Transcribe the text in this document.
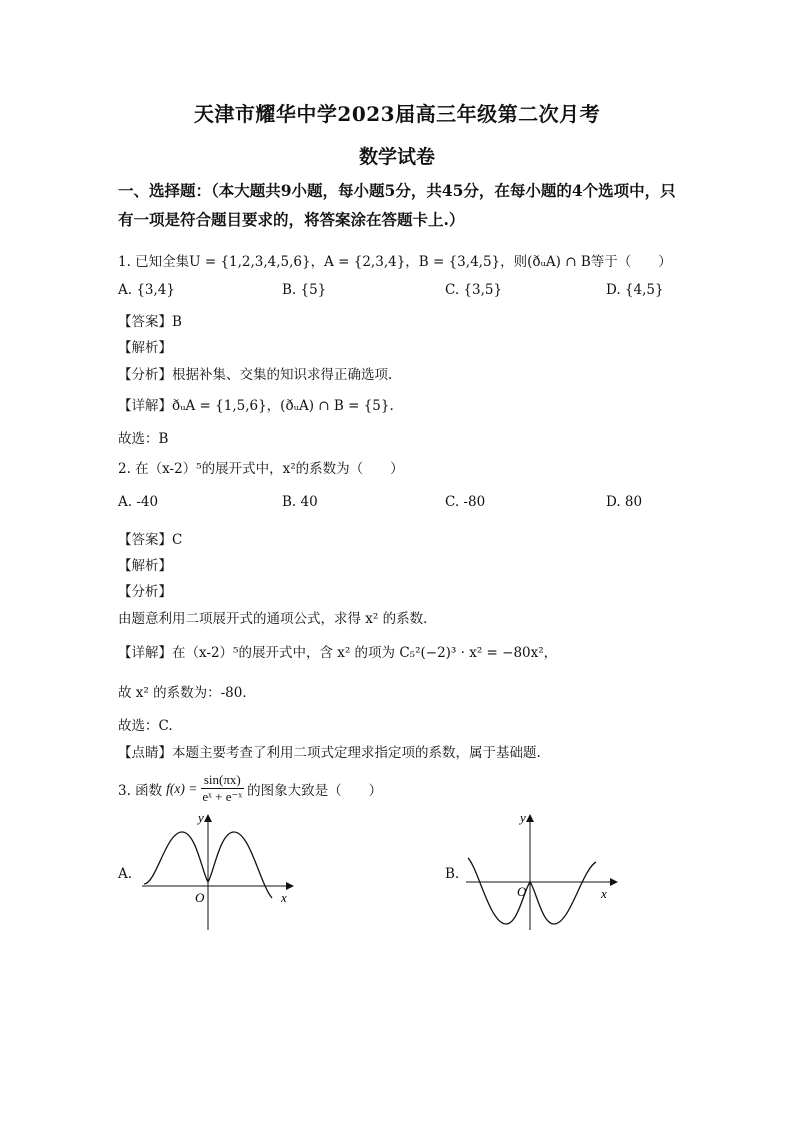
天津市耀华中学2023届高三年级第二次月考
数学试卷
一、选择题：（本大题共9小题，每小题5分，共45分，在每小题的4个选项中，只有一项是符合题目要求的，将答案涂在答题卡上.）
1. 已知全集U = {1,2,3,4,5,6}，A = {2,3,4}，B = {3,4,5}，则(ðᵤA) ∩ B等于（　　）
A. {3,4}	B. {5}	C. {3,5}	D. {4,5}
【答案】B
【解析】
【分析】根据补集、交集的知识求得正确选项.
【详解】ðᵤA = {1,5,6}，(ðᵤA) ∩ B = {5}.
故选：B
2. 在（x-2）⁵的展开式中，x²的系数为（　　）
A. -40	B. 40	C. -80	D. 80
【答案】C
【解析】
【分析】
由题意利用二项展开式的通项公式，求得 x² 的系数．
【详解】在（x-2）⁵的展开式中，含 x² 的项为 C₅²(−2)³ · x² = −80x²，
故 x² 的系数为：-80．
故选：C.
【点睛】本题主要考查了利用二项式定理求指定项的系数，属于基础题.
3. 函数 $f(x) = \frac{\sin(\pi x)}{\text{eˣ + e⁻ˣ}}$ 的图象大致是（　　）
A.	B.
y
x
O
y
x
O
